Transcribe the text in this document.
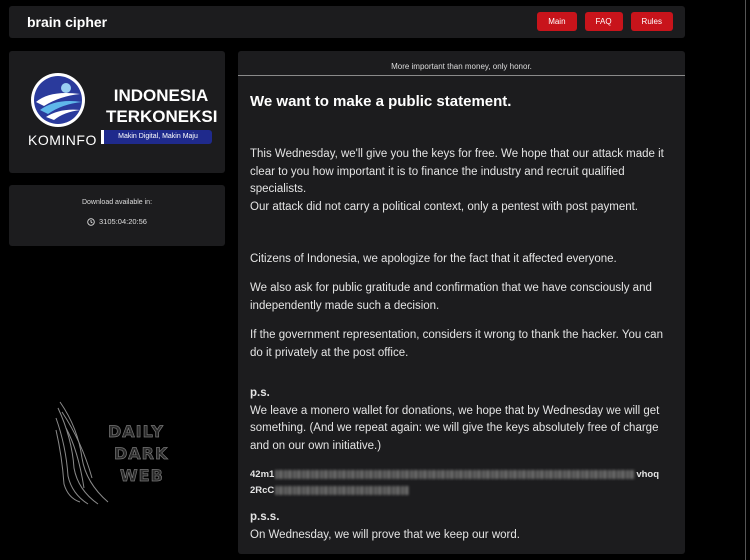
brain cipher	Main	FAQ	Rules
KOMINFO
INDONESIA
TERKONEKSI
Makin Digital, Makin Maju
Download available in:
3105:04:20:56
DAILY
DARK
WEB
More important than money, only honor.
We want to make a public statement.
This Wednesday, we'll give you the keys for free. We hope that our attack made it clear to you how important it is to finance the industry and recruit qualified specialists.
Our attack did not carry a political context, only a pentest with post payment.
Citizens of Indonesia, we apologize for the fact that it affected everyone.
We also ask for public gratitude and confirmation that we have consciously and independently made such a decision.
If the government representation, considers it wrong to thank the hacker. You can do it privately at the post office.
p.s.
We leave a monero wallet for donations, we hope that by Wednesday we will get something. (And we repeat again: we will give the keys absolutely free of charge and on our own initiative.)
42m1	vhoq
2RcC
p.s.s.
On Wednesday, we will prove that we keep our word.
